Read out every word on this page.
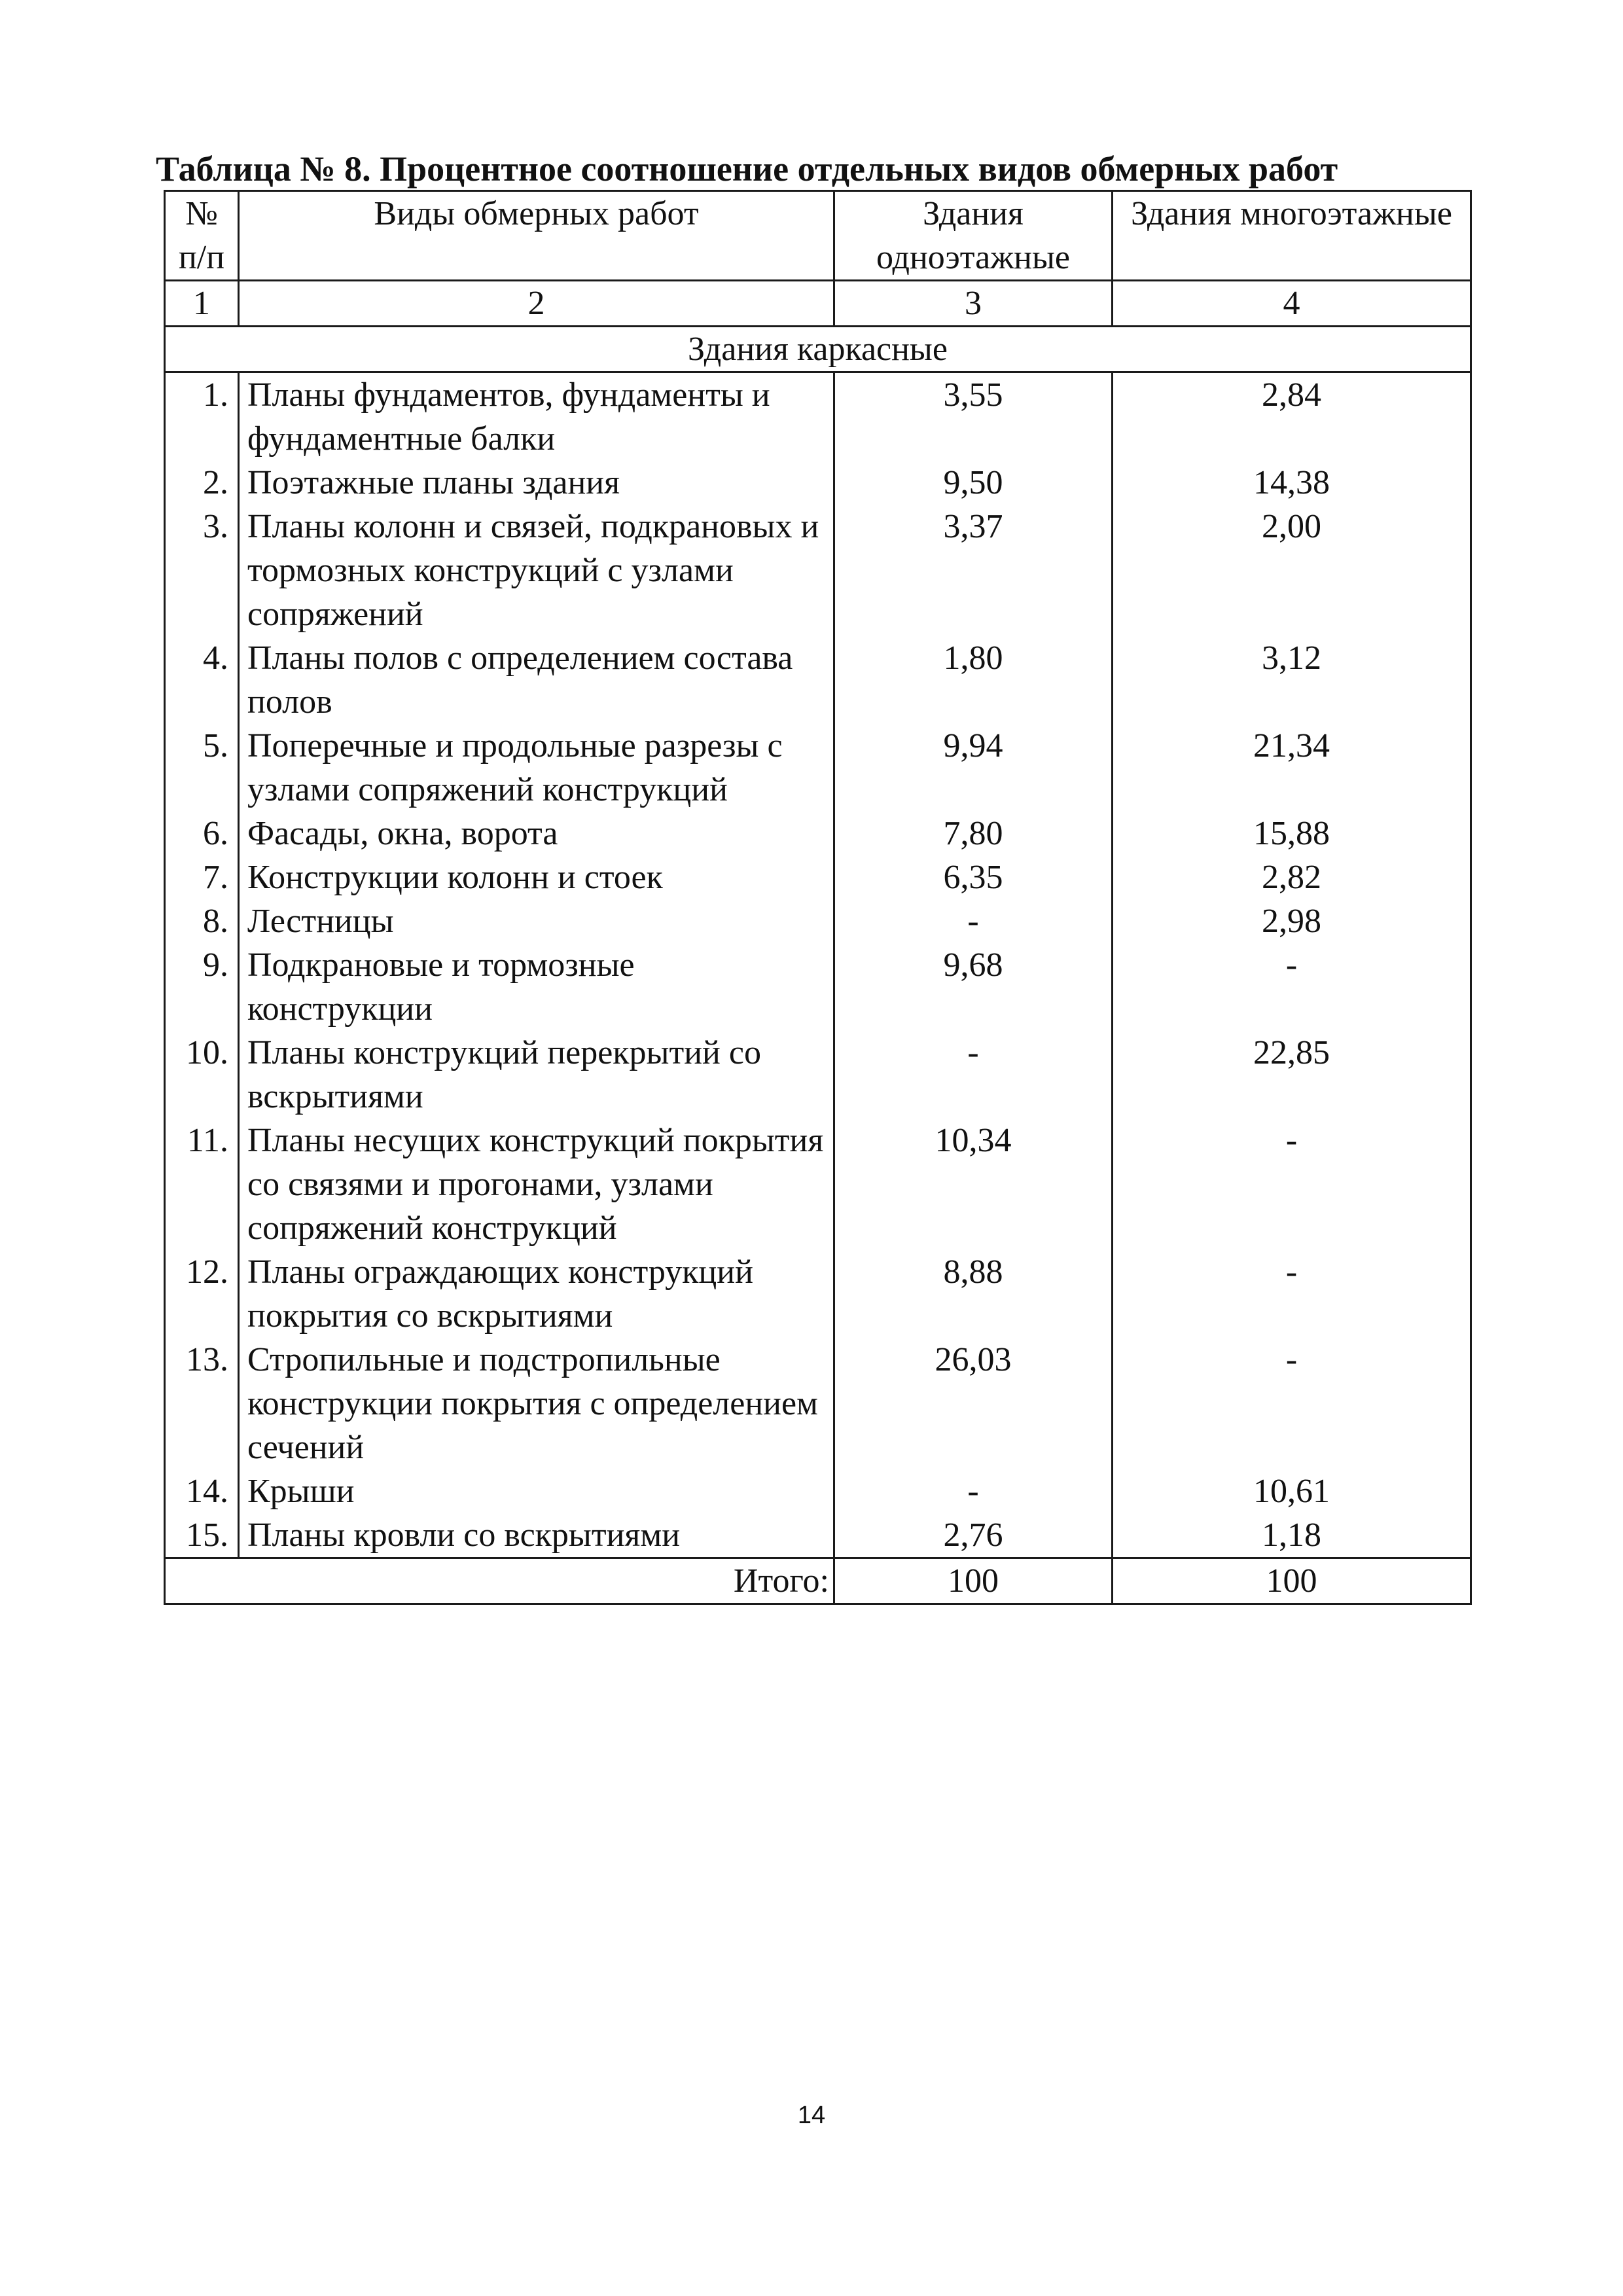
Таблица № 8. Процентное соотношение отдельных видов обмерных работ
№ п/п	Виды обмерных работ	Здания одноэтажные	Здания многоэтажные
1	2	3	4
Здания каркасные			
1.	Планы фундаментов, фундаменты и фундаментные балки	3,55	2,84
2.	Поэтажные планы здания	9,50	14,38
3.	Планы колонн и связей, подкрановых и тормозных конструкций с узлами сопряжений	3,37	2,00
4.	Планы полов с определением состава полов	1,80	3,12
5.	Поперечные и продольные разрезы с узлами сопряжений конструкций	9,94	21,34
6.	Фасады, окна, ворота	7,80	15,88
7.	Конструкции колонн и стоек	6,35	2,82
8.	Лестницы	-	2,98
9.	Подкрановые и тормозные конструкции	9,68	-
10.	Планы конструкций перекрытий со вскрытиями	-	22,85
11.	Планы несущих конструкций покрытия со связями и прогонами, узлами сопряжений конструкций	10,34	-
12.	Планы ограждающих конструкций покрытия со вскрытиями	8,88	-
13.	Стропильные и подстропильные конструкции покрытия с определением сечений	26,03	-
14.	Крыши	-	10,61
15.	Планы кровли со вскрытиями	2,76	1,18
Итого:		100	100
14
